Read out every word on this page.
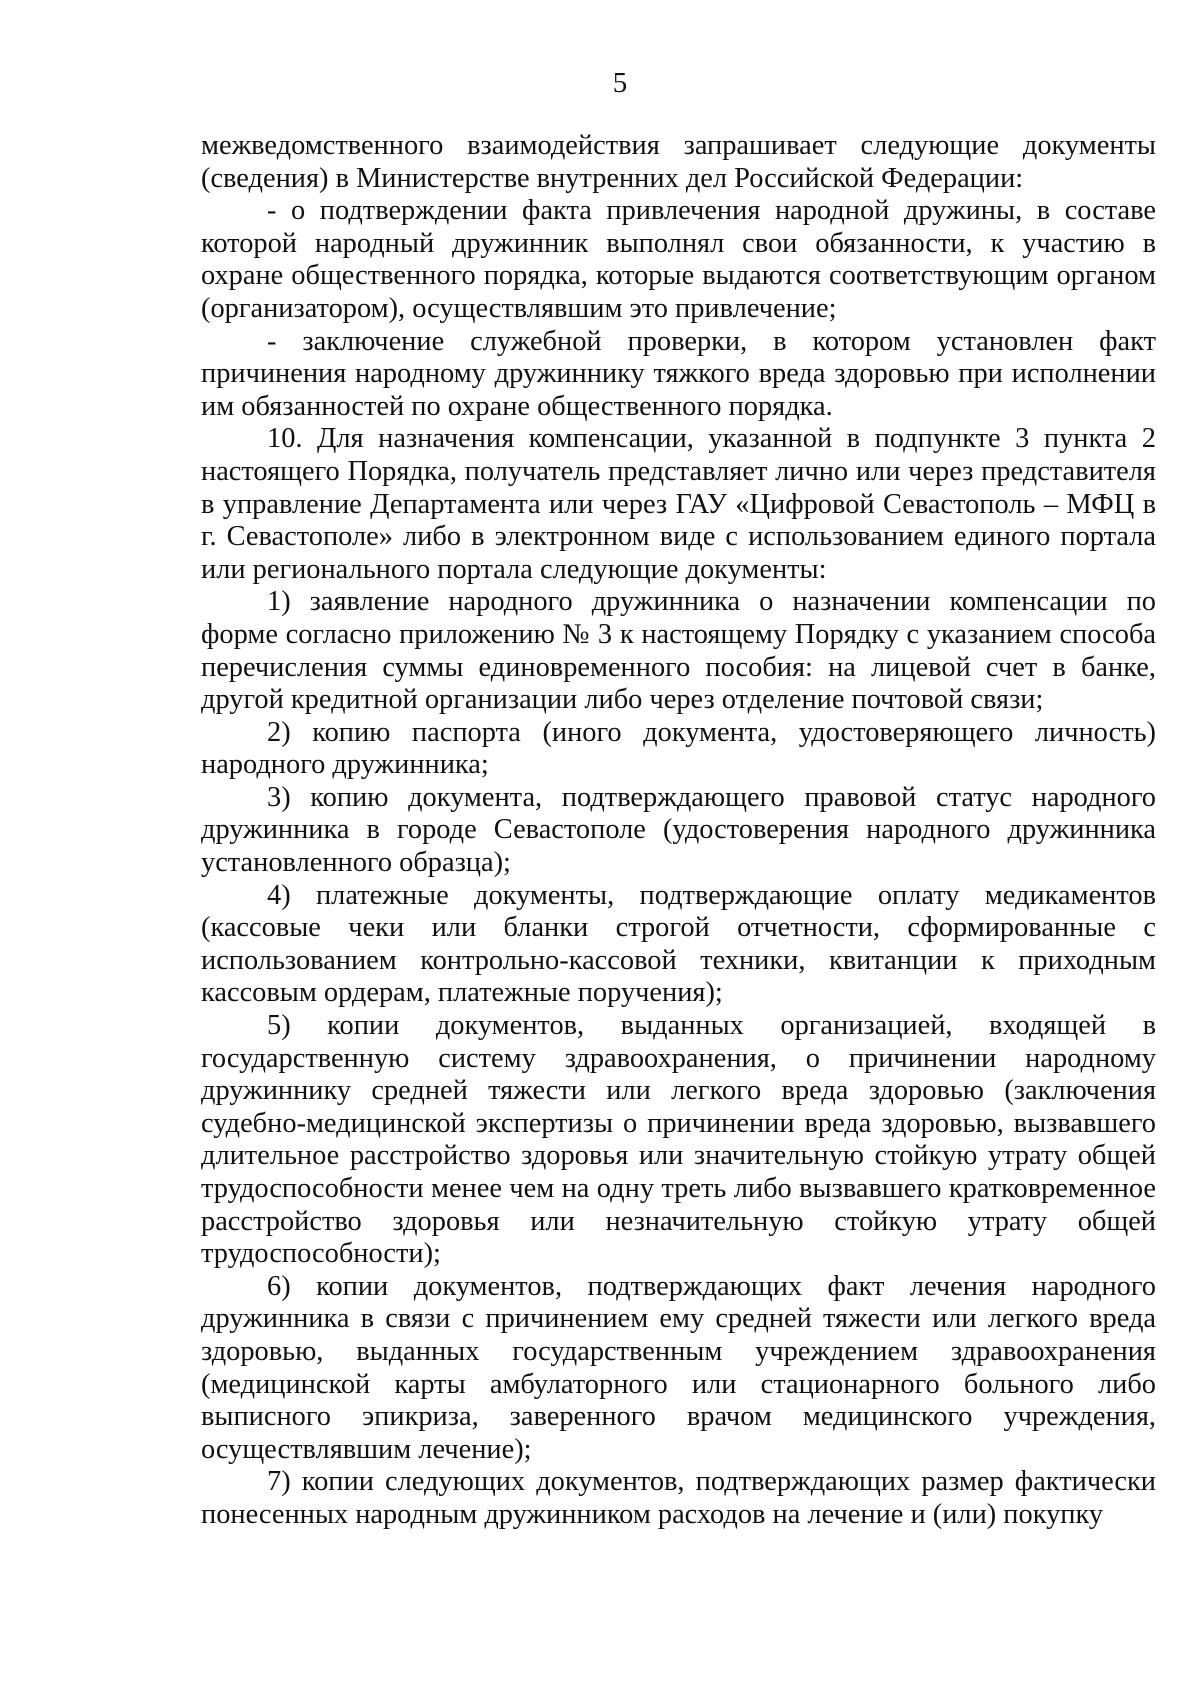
5

межведомственного взаимодействия запрашивает следующие документы (сведения) в Министерстве внутренних дел Российской Федерации:

- о подтверждении факта привлечения народной дружины, в составе которой народный дружинник выполнял свои обязанности, к участию в охране общественного порядка, которые выдаются соответствующим органом (организатором), осуществлявшим это привлечение;

- заключение служебной проверки, в котором установлен факт причинения народному дружиннику тяжкого вреда здоровью при исполнении им обязанностей по охране общественного порядка.

10. Для назначения компенсации, указанной в подпункте 3 пункта 2 настоящего Порядка, получатель представляет лично или через представителя в управление Департамента или через ГАУ «Цифровой Севастополь – МФЦ в г. Севастополе» либо в электронном виде с использованием единого портала или регионального портала следующие документы:

1) заявление народного дружинника о назначении компенсации по форме согласно приложению № 3 к настоящему Порядку с указанием способа перечисления суммы единовременного пособия: на лицевой счет в банке, другой кредитной организации либо через отделение почтовой связи;

2) копию паспорта (иного документа, удостоверяющего личность) народного дружинника;

3) копию документа, подтверждающего правовой статус народного дружинника в городе Севастополе (удостоверения народного дружинника установленного образца);

4) платежные документы, подтверждающие оплату медикаментов (кассовые чеки или бланки строгой отчетности, сформированные с использованием контрольно-кассовой техники, квитанции к приходным кассовым ордерам, платежные поручения);

5) копии документов, выданных организацией, входящей в государственную систему здравоохранения, о причинении народному дружиннику средней тяжести или легкого вреда здоровью (заключения судебно-медицинской экспертизы о причинении вреда здоровью, вызвавшего длительное расстройство здоровья или значительную стойкую утрату общей трудоспособности менее чем на одну треть либо вызвавшего кратковременное расстройство здоровья или незначительную стойкую утрату общей трудоспособности);

6) копии документов, подтверждающих факт лечения народного дружинника в связи с причинением ему средней тяжести или легкого вреда здоровью, выданных государственным учреждением здравоохранения (медицинской карты амбулаторного или стационарного больного либо выписного эпикриза, заверенного врачом медицинского учреждения, осуществлявшим лечение);

7) копии следующих документов, подтверждающих размер фактически понесенных народным дружинником расходов на лечение и (или) покупку
